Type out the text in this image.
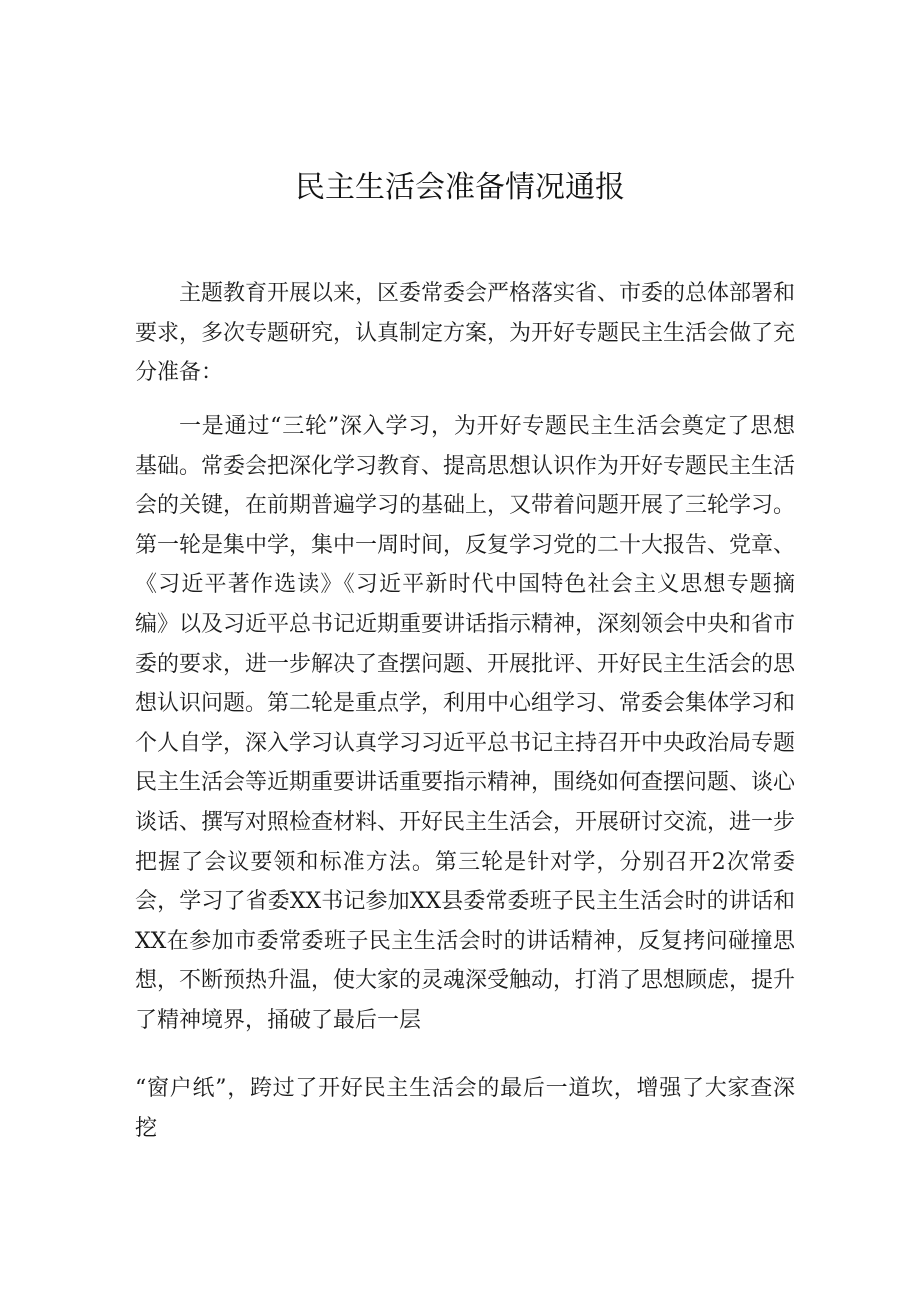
民主生活会准备情况通报

主题教育开展以来，区委常委会严格落实省、市委的总体部署和要求，多次专题研究，认真制定方案，为开好专题民主生活会做了充分准备：

一是通过“三轮”深入学习，为开好专题民主生活会奠定了思想基础。常委会把深化学习教育、提高思想认识作为开好专题民主生活会的关键，在前期普遍学习的基础上，又带着问题开展了三轮学习。第一轮是集中学，集中一周时间，反复学习党的二十大报告、党章、《习近平著作选读》《习近平新时代中国特色社会主义思想专题摘编》以及习近平总书记近期重要讲话指示精神，深刻领会中央和省市委的要求，进一步解决了查摆问题、开展批评、开好民主生活会的思想认识问题。第二轮是重点学，利用中心组学习、常委会集体学习和个人自学，深入学习认真学习习近平总书记主持召开中央政治局专题民主生活会等近期重要讲话重要指示精神，围绕如何查摆问题、谈心谈话、撰写对照检查材料、开好民主生活会，开展研讨交流，进一步把握了会议要领和标准方法。第三轮是针对学，分别召开2次常委会，学习了省委XX书记参加XX县委常委班子民主生活会时的讲话和XX在参加市委常委班子民主生活会时的讲话精神，反复拷问碰撞思想，不断预热升温，使大家的灵魂深受触动，打消了思想顾虑，提升了精神境界，捅破了最后一层

“窗户纸”，跨过了开好民主生活会的最后一道坎，增强了大家查深挖
